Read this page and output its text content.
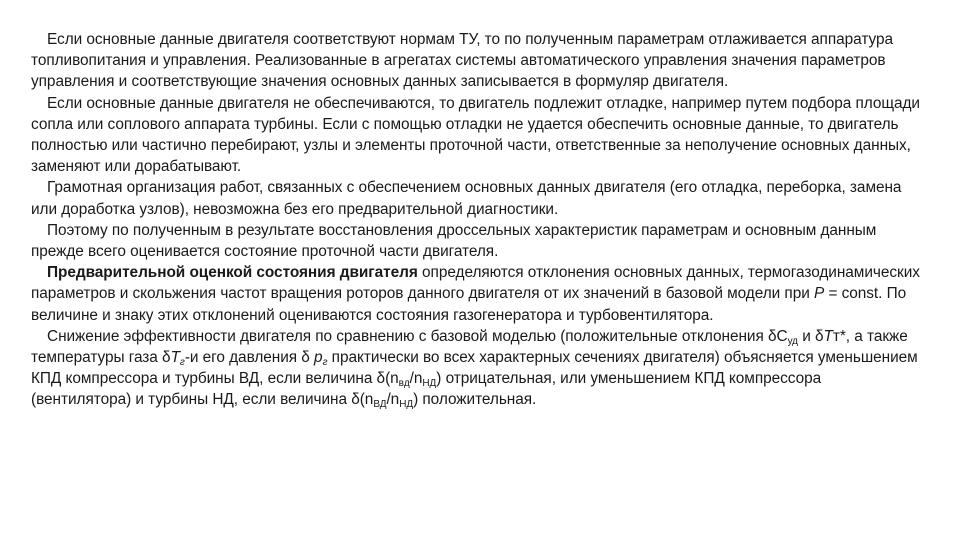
Если основные данные двигателя соответствуют нормам ТУ, то по полученным параметрам отлаживается аппаратура топливопитания и управления. Реализованные в агрегатах системы автоматического управления значения параметров управления и соответствующие значения основных данных записывается в формуляр двигателя.

Если основные данные двигателя не обеспечиваются, то двигатель подлежит отладке, например путем подбора площади сопла или соплового аппарата турбины. Если с помощью отладки не удается обеспечить основные данные, то двигатель полностью или частично перебирают, узлы и элементы проточной части, ответственные за неполучение основных данных, заменяют или дорабатывают.

Грамотная организация работ, связанных с обеспечением основных данных двигателя (его отладка, переборка, замена или доработка узлов), невозможна без его предварительной диагностики.

Поэтому по полученным в результате восстановления дроссельных характеристик параметрам и основным данным прежде всего оценивается состояние проточной части двигателя.

Предварительной оценкой состояния двигателя определяются отклонения основных данных, термогазодинамических параметров и скольжения частот вращения роторов данного двигателя от их значений в базовой модели при P = const. По величине и знаку этих отклонений оцениваются состояния газогенератора и турбовентилятора.

Снижение эффективности двигателя по сравнению с базовой моделью (положительные отклонения $\delta C_{уд}$ и δTт*, а также температуры газа $\delta T_г-и$ его давления δ $p_г$ практически во всех характерных сечениях двигателя) объясняется уменьшением КПД компрессора и турбины ВД, если величина $\delta(n_{вд}/n_{НД})$ отрицательная, или уменьшением КПД компрессора (вентилятора) и турбины НД, если величина $\delta(n_{ВД}/n_{НД})$ положительная.
